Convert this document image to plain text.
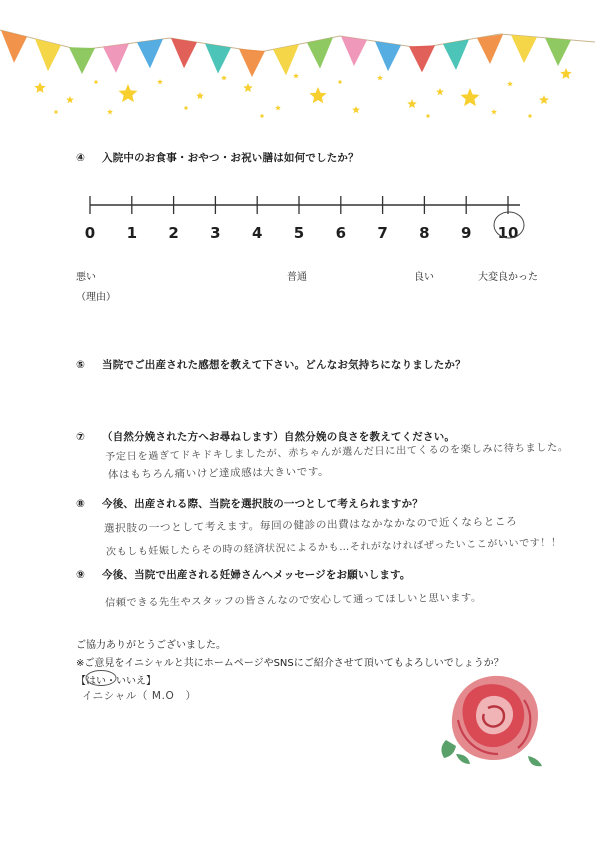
④ 入院中のお食事・おやつ・お祝い膳は如何でしたか？
0 1 2 3 4 5 6 7 8 9 10
悪い	普通	良い	大変良かった
（理由）
⑤ 当院でご出産された感想を教えて下さい。どんなお気持ちになりましたか？
⑦ （自然分娩された方へお尋ねします）自然分娩の良さを教えてください。
予定日を過ぎてドキドキしましたが、赤ちゃんが選んだ日に出てくるのを楽しみに待ちました。
体はもちろん痛いけど達成感は大きいです。
⑧ 今後、出産される際、当院を選択肢の一つとして考えられますか？
選択肢の一つとして考えます。毎回の健診の出費はなかなかなので近くならところ
次もしも妊娠したらその時の経済状況によるかも…それがなければぜったいここがいいです！！
⑨ 今後、当院で出産される妊婦さんへメッセージをお願いします。
信頼できる先生やスタッフの皆さんなので安心して通ってほしいと思います。
ご協力ありがとうございました。
※ご意見をイニシャルと共にホームページやSNSにご紹介させて頂いてもよろしいでしょうか？
【はい・いいえ】
イニシャル（ M.O　）
